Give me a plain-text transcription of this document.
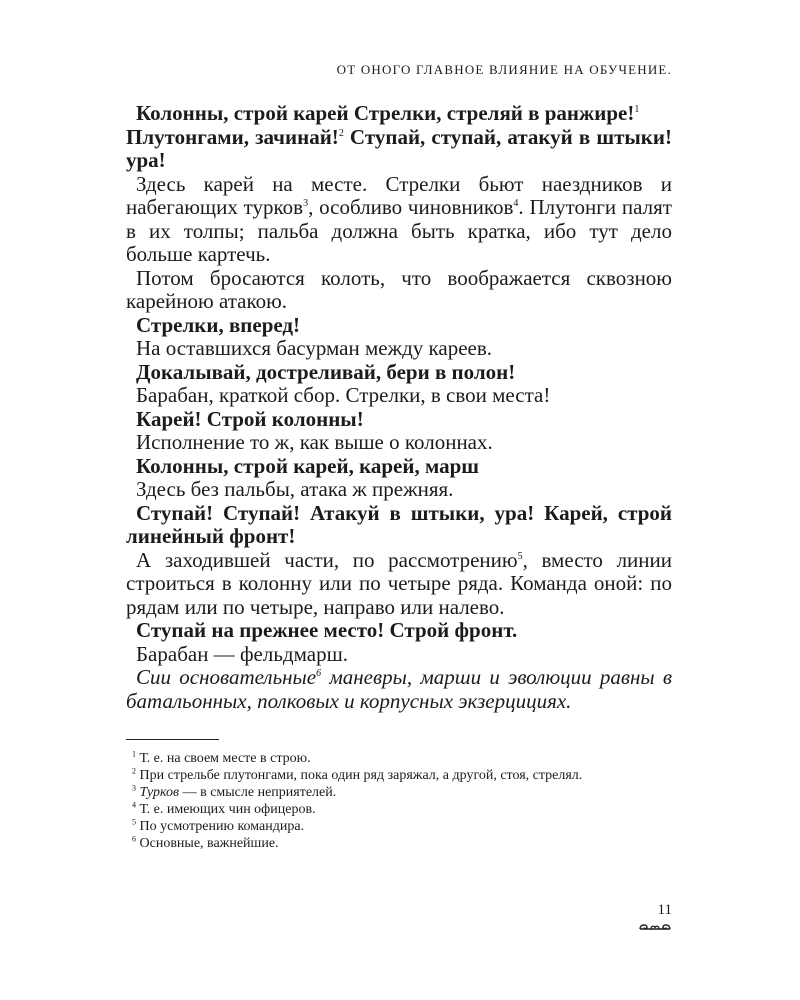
ОТ ОНОГО ГЛАВНОЕ ВЛИЯНИЕ НА ОБУЧЕНИЕ.

Колонны, строй карей Стрелки, стреляй в ранжире!$^1$

Плутонгами, зачинай!$^2$ Ступай, ступай, атакуй в штыки! ура!

Здесь карей на месте. Стрелки бьют наездников и набегающих турков$^3$, особливо чиновников$^4$. Плутонги палят в их толпы; пальба должна быть кратка, ибо тут дело больше картечь.

Потом бросаются колоть, что воображается сквозною карейною атакою.

Стрелки, вперед!

На оставшихся басурман между кареев.

Докалывай, дострeливай, бери в полон!

Барабан, краткой сбор. Стрелки, в свои места!

Карей! Строй колонны!

Исполнение то ж, как выше о колоннах.

Колонны, строй карей, карей, марш

Здесь без пальбы, атака ж прежняя.

Ступай! Ступай! Атакуй в штыки, ура! Карей, строй линейный фронт!

А заходившей части, по рассмотрению$^5$, вместо линии строиться в колонну или по четыре ряда. Команда оной: по рядам или по четыре, направо или налево.

Ступай на прежнее место! Строй фронт.

Барабан — фельдмарш.

Сии основательные$^6$ маневры, марши и эволюции равны в батальонных, полковых и корпусных экзерцициях.

$^1$ Т. е. на своем месте в строю.

$^2$ При стрельбе плутонгами, пока один ряд заряжал, а другой, стоя, стрелял.

$^3$ Турков — в смысле неприятелей.

$^4$ Т. е. имеющих чин офицеров.

$^5$ По усмотрению командира.

$^6$ Основные, важнейшие.

11
